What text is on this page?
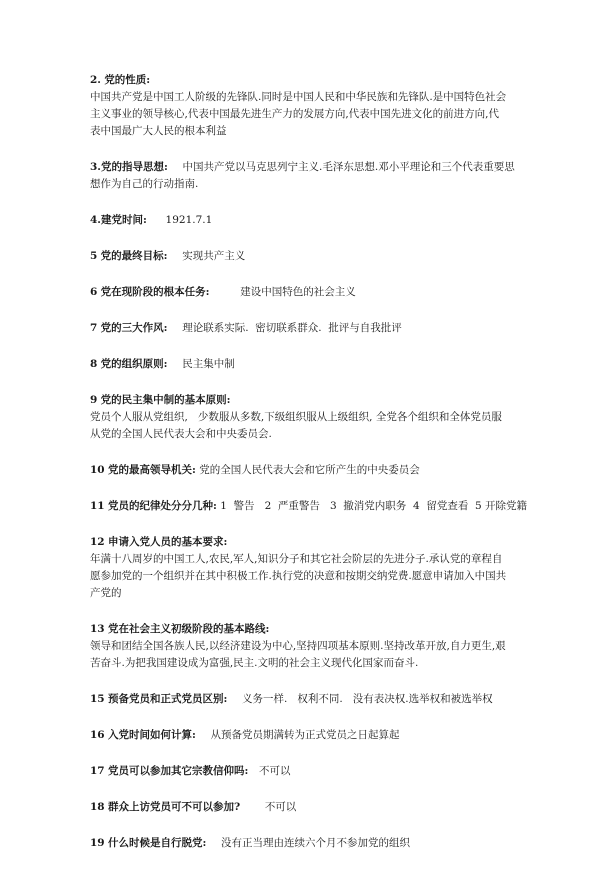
2. 党的性质:
中国共产党是中国工人阶级的先锋队.同时是中国人民和中华民族和先锋队.是中国特色社会
主义事业的领导核心,代表中国最先进生产力的发展方向,代表中国先进文化的前进方向,代
表中国最广大人民的根本利益
3.党的指导思想: 中国共产党以马克思列宁主义.毛泽东思想.邓小平理论和三个代表重要思
想作为自己的行动指南.
4.建党时间: 1921.7.1
5 党的最终目标: 实现共产主义
6 党在现阶段的根本任务:	建设中国特色的社会主义
7 党的三大作风: 理论联系实际.  密切联系群众.  批评与自我批评
8 党的组织原则: 民主集中制
9 党的民主集中制的基本原则:
党员个人服从党组织,   少数服从多数,下级组织服从上级组织, 全党各个组织和全体党员服
从党的全国人民代表大会和中央委员会.
10 党的最高领导机关: 党的全国人民代表大会和它所产生的中央委员会
11 党员的纪律处分分几种: 1  警告   2  严重警告   3  撤消党内职务  4  留党查看  5 开除党籍
12 申请入党人员的基本要求:
年满十八周岁的中国工人,农民,军人,知识分子和其它社会阶层的先进分子.承认党的章程自
愿参加党的一个组织并在其中积极工作.执行党的决意和按期交纳党费.愿意申请加入中国共
产党的
13 党在社会主义初级阶段的基本路线:
领导和团结全国各族人民,以经济建设为中心,坚持四项基本原则.坚持改革开放,自力更生,艰
苦奋斗.为把我国建设成为富强,民主.文明的社会主义现代化国家而奋斗.
15 预备党员和正式党员区别: 义务一样.   权利不同.   没有表决权.选举权和被选举权
16 入党时间如何计算: 从预备党员期满转为正式党员之日起算起
17 党员可以参加其它宗教信仰吗: 不可以
18 群众上访党员可不可以参加? 不可以
19 什么时候是自行脱党: 没有正当理由连续六个月不参加党的组织
